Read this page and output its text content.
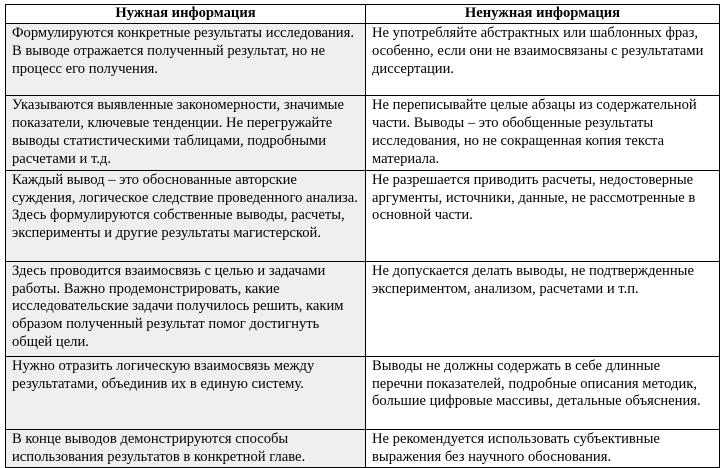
Нужная информация	Ненужная информация
Формулируются конкретные результаты исследования. В выводе отражается полученный результат, но не процесс его получения.	Не употребляйте абстрактных или шаблонных фраз, особенно, если они не взаимосвязаны с результатами диссертации.
Указываются выявленные закономерности, значимые показатели, ключевые тенденции. Не перегружайте выводы статистическими таблицами, подробными расчетами и т.д.	Не переписывайте целые абзацы из содержательной части. Выводы – это обобщенные результаты исследования, но не сокращенная копия текста материала.
Каждый вывод – это обоснованные авторские суждения, логическое следствие проведенного анализа. Здесь формулируются собственные выводы, расчеты, эксперименты и другие результаты магистерской.	Не разрешается приводить расчеты, недостоверные аргументы, источники, данные, не рассмотренные в основной части.
Здесь проводится взаимосвязь с целью и задачами работы. Важно продемонстрировать, какие исследовательские задачи получилось решить, каким образом полученный результат помог достигнуть общей цели.	Не допускается делать выводы, не подтвержденные экспериментом, анализом, расчетами и т.п.
Нужно отразить логическую взаимосвязь между результатами, объединив их в единую систему.	Выводы не должны содержать в себе длинные перечни показателей, подробные описания методик, большие цифровые массивы, детальные объяснения.
В конце выводов демонстрируются способы использования результатов в конкретной главе.	Не рекомендуется использовать субъективные выражения без научного обоснования.
